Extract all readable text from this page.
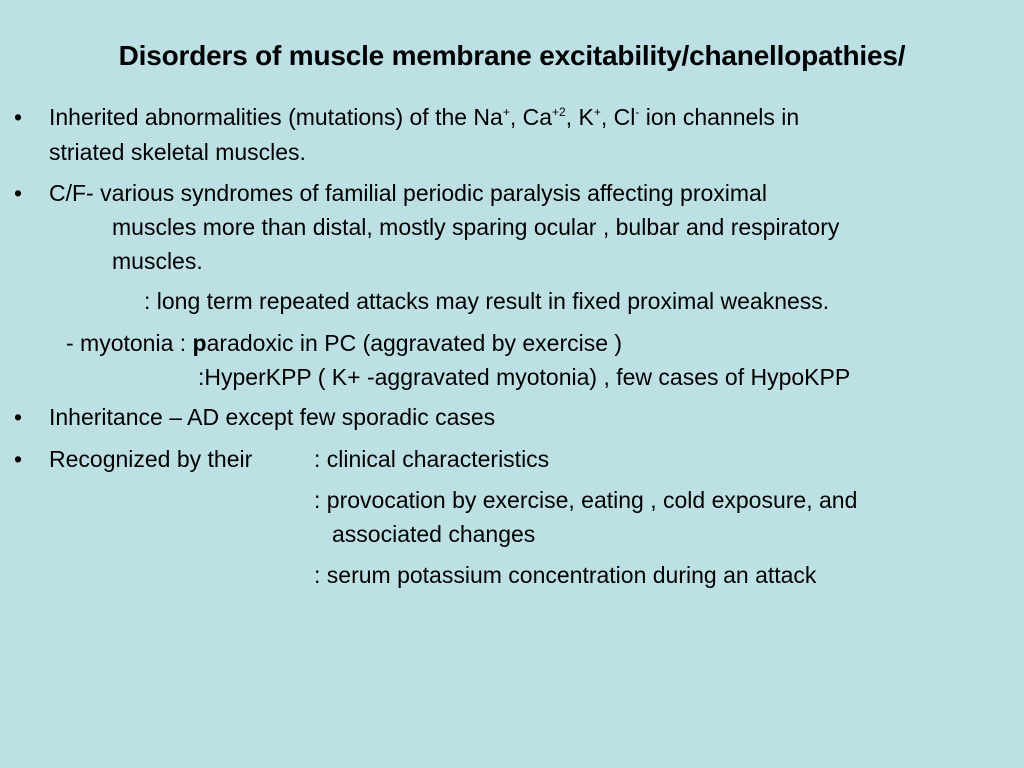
Disorders of muscle membrane excitability/chanellopathies/
• Inherited abnormalities (mutations) of the Na+, $Ca^{+2}$, K+, Cl- ion channels in
striated skeletal muscles.
• C/F- various syndromes of familial periodic paralysis affecting proximal
muscles more than distal, mostly sparing ocular , bulbar and respiratory
muscles.
: long term repeated attacks may result in fixed proximal weakness.
- myotonia : paradoxic in PC (aggravated by exercise )
:HyperKPP ( K+ -aggravated myotonia) , few cases of HypoKPP
• Inheritance – AD except few sporadic cases
• Recognized by their	: clinical characteristics
: provocation by exercise, eating , cold exposure, and
associated changes
: serum potassium concentration during an attack
